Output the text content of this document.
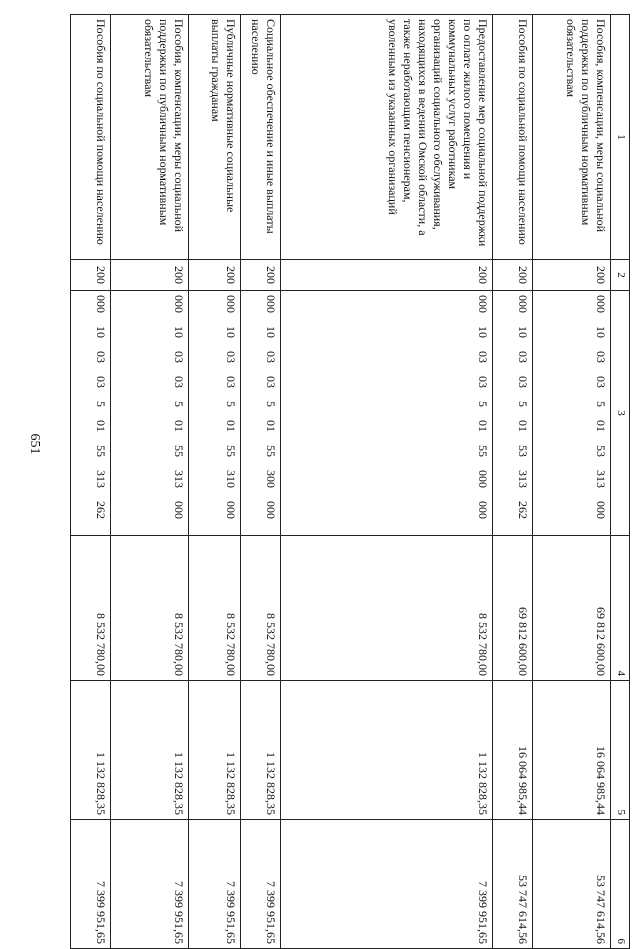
651
1	2	3	4	5	6
Пособия, компенсации, меры социальной поддержки по публичным нормативным обязательствам	200	000 10 03 03 5 01 53 313 000	69 812 600,00	16 064 985,44	53 747 614,56
Пособия по социальной помощи населению	200	000 10 03 03 5 01 53 313 262	69 812 600,00	16 064 985,44	53 747 614,56
Предоставление мер социальной поддержки по оплате жилого помещения и коммунальных услуг работникам организаций социального обслуживания, находящихся в ведении Омской области, а также неработающим пенсионерам, уволенным из указанных организаций	200	000 10 03 03 5 01 55 000 000	8 532 780,00	1 132 828,35	7 399 951,65
Социальное обеспечение и иные выплаты населению	200	000 10 03 03 5 01 55 300 000	8 532 780,00	1 132 828,35	7 399 951,65
Публичные нормативные социальные выплаты гражданам	200	000 10 03 03 5 01 55 310 000	8 532 780,00	1 132 828,35	7 399 951,65
Пособия, компенсации, меры социальной поддержки по публичным нормативным обязательствам	200	000 10 03 03 5 01 55 313 000	8 532 780,00	1 132 828,35	7 399 951,65
Пособия по социальной помощи населению	200	000 10 03 03 5 01 55 313 262	8 532 780,00	1 132 828,35	7 399 951,65
